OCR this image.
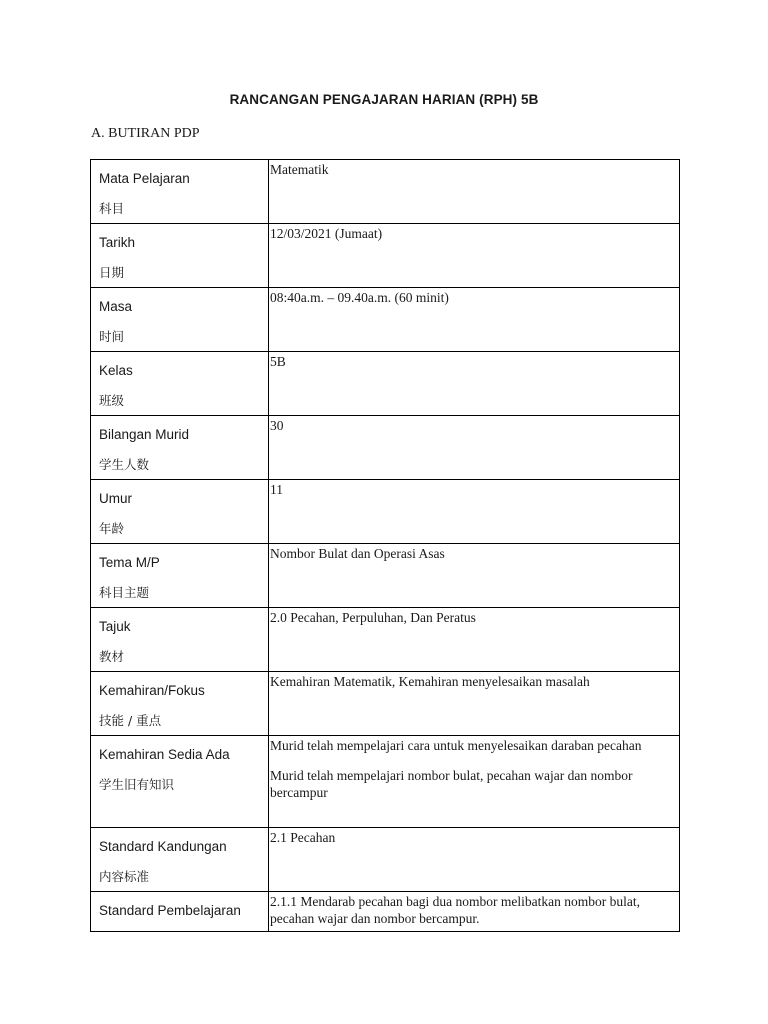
RANCANGAN PENGAJARAN HARIAN (RPH) 5B
A. BUTIRAN PDP
Mata Pelajaran
科目	Matematik

Tarikh
日期	12/03/2021 (Jumaat)

Masa
时间	08:40a.m. – 09.40a.m. (60 minit)

Kelas
班级	5B

Bilangan Murid
学生人数	30

Umur
年龄	11

Tema M/P
科目主题	Nombor Bulat dan Operasi Asas

Tajuk
教材	2.0 Pecahan, Perpuluhan, Dan Peratus

Kemahiran/Fokus
技能 / 重点	Kemahiran Matematik, Kemahiran menyelesaikan masalah

Kemahiran Sedia Ada
学生旧有知识	Murid telah mempelajari cara untuk menyelesaikan daraban pecahan
Murid telah mempelajari nombor bulat, pecahan wajar dan nombor bercampur

Standard Kandungan
内容标准	2.1 Pecahan

Standard Pembelajaran	2.1.1 Mendarab pecahan bagi dua nombor melibatkan nombor bulat, pecahan wajar dan nombor bercampur.
